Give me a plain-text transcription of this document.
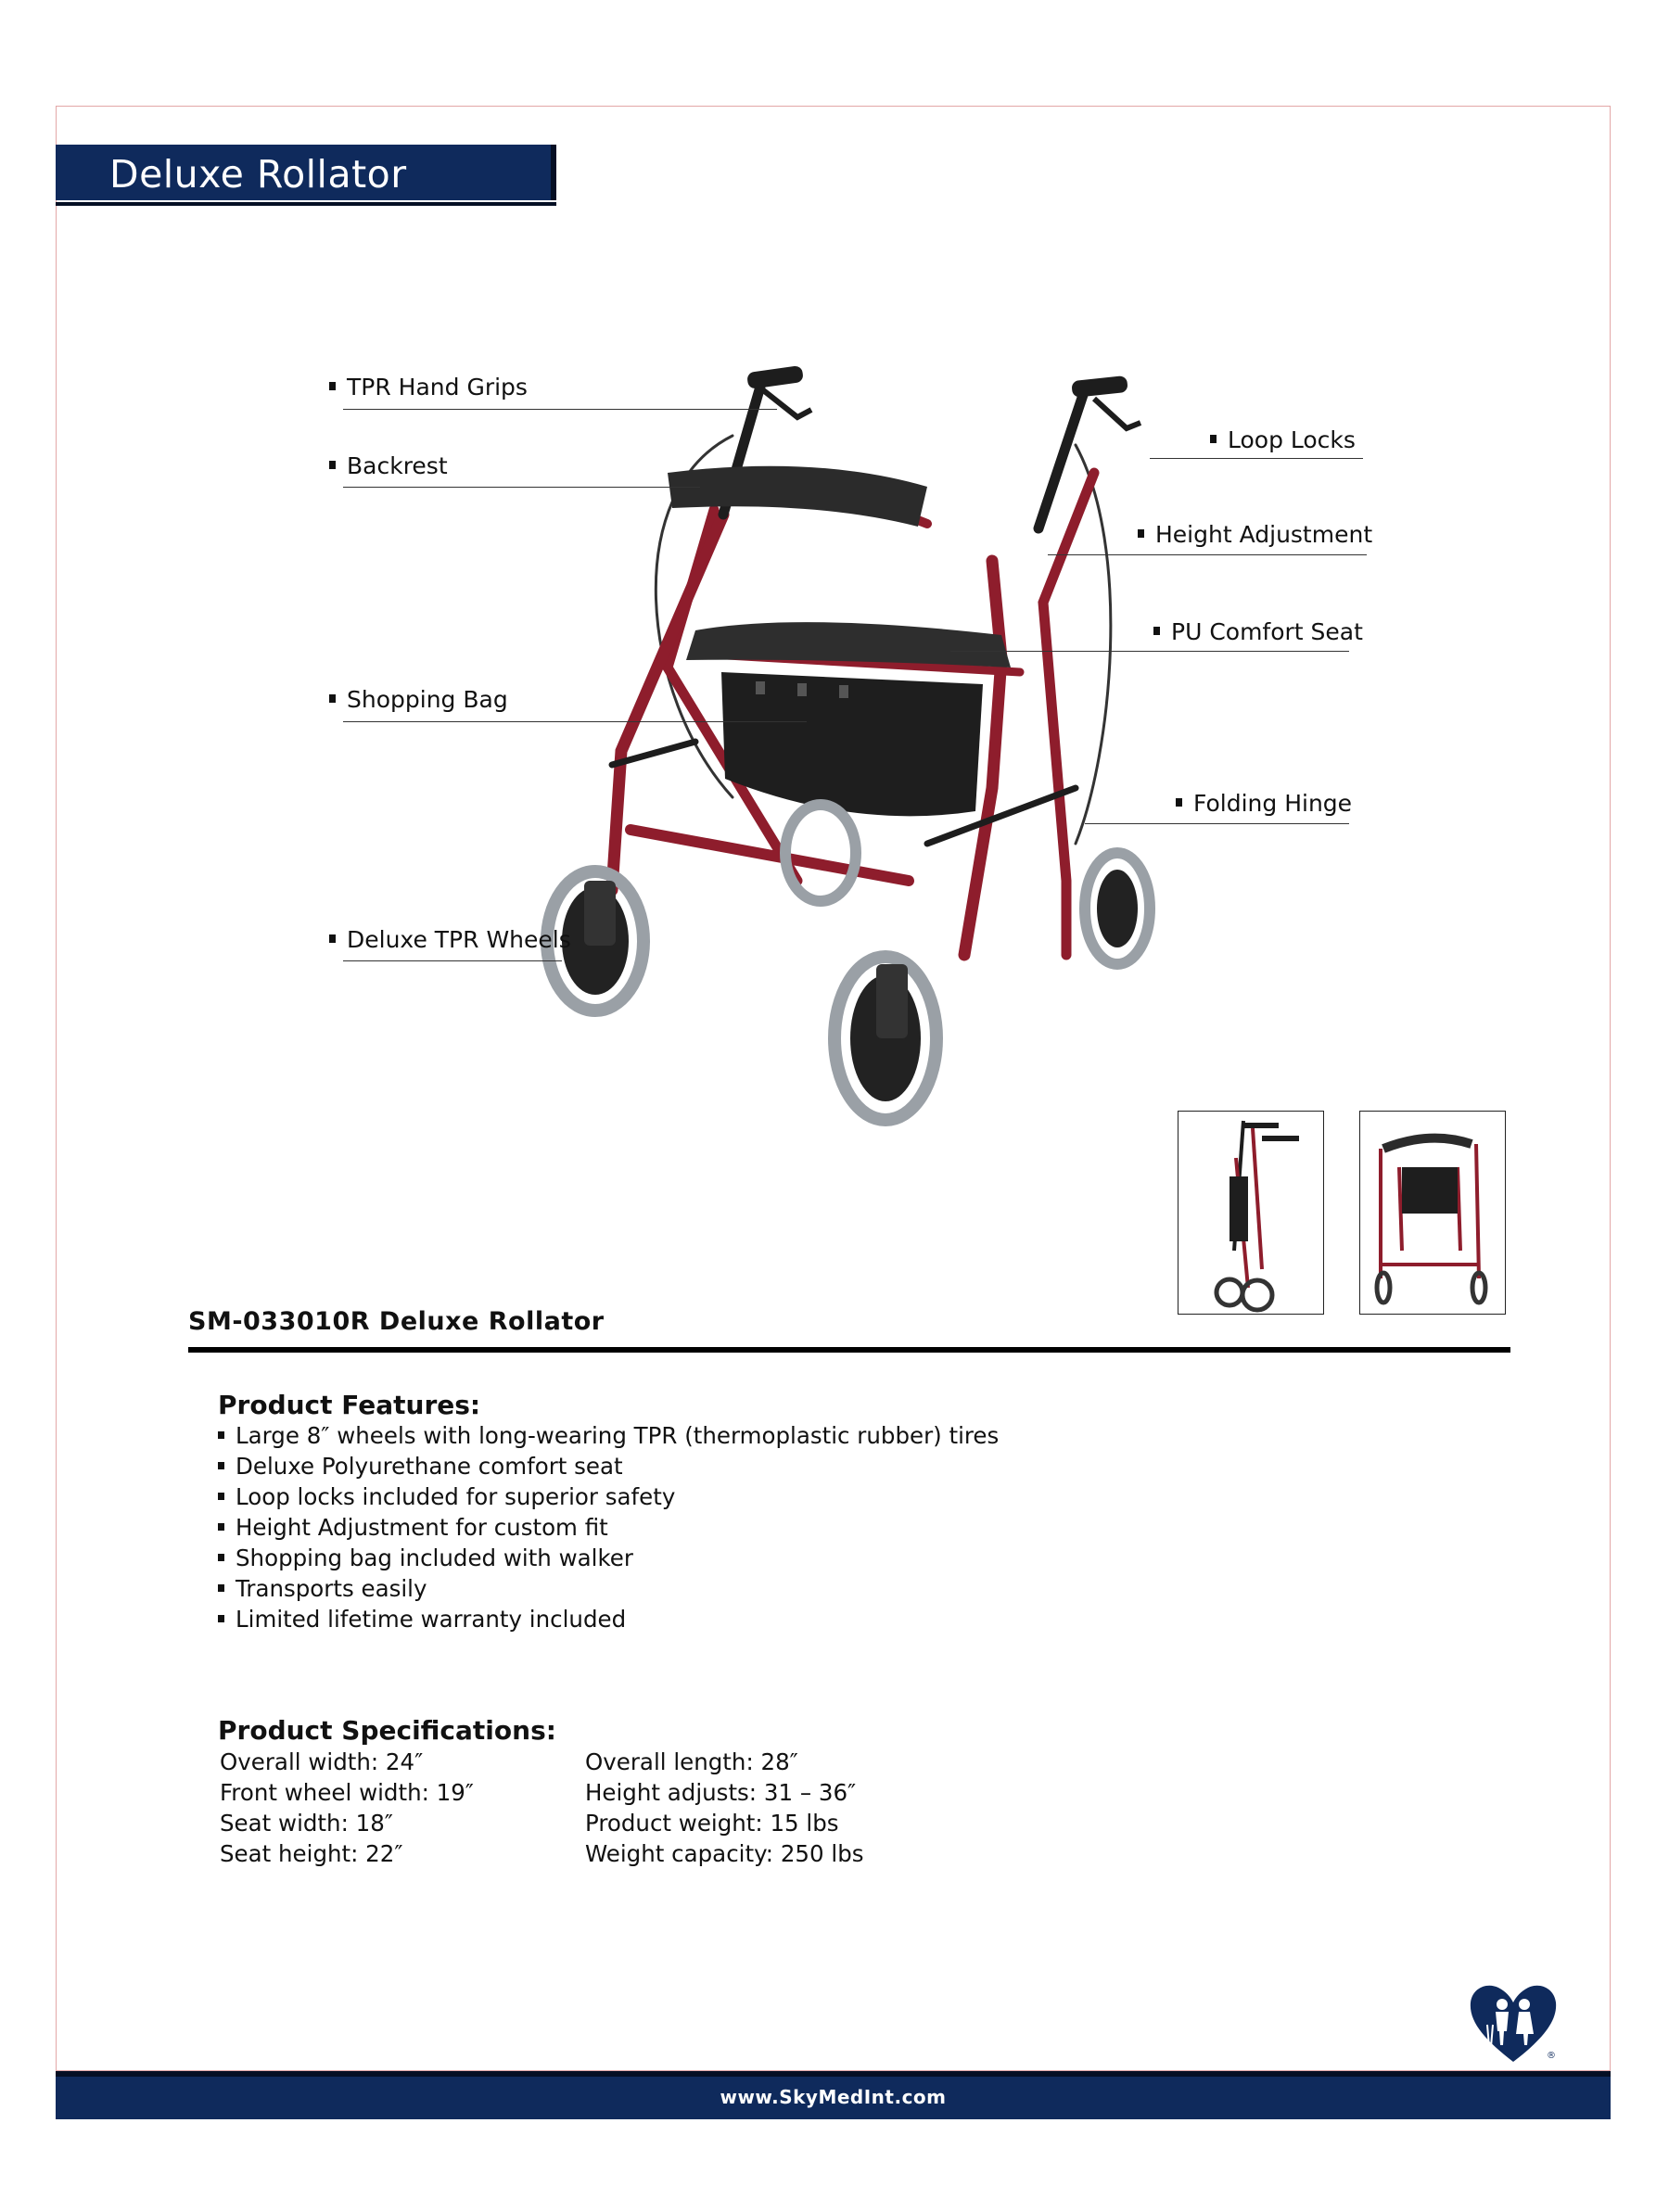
Deluxe Rollator
TPR Hand Grips
Backrest
Shopping Bag
Deluxe TPR Wheels
Loop Locks
Height Adjustment
PU Comfort Seat
Folding Hinge
SM-033010R Deluxe Rollator
Product Features:
Large 8″ wheels with long-wearing TPR (thermoplastic rubber) tires
Deluxe Polyurethane comfort seat
Loop locks included for superior safety
Height Adjustment for custom fit
Shopping bag included with walker
Transports easily
Limited lifetime warranty included
Product Specifications:
Overall width: 24″
Front wheel width: 19″
Seat width: 18″
Seat height: 22″
Overall length: 28″
Height adjusts: 31 – 36″
Product weight: 15 lbs
Weight capacity: 250 lbs
®
www.SkyMedInt.com
